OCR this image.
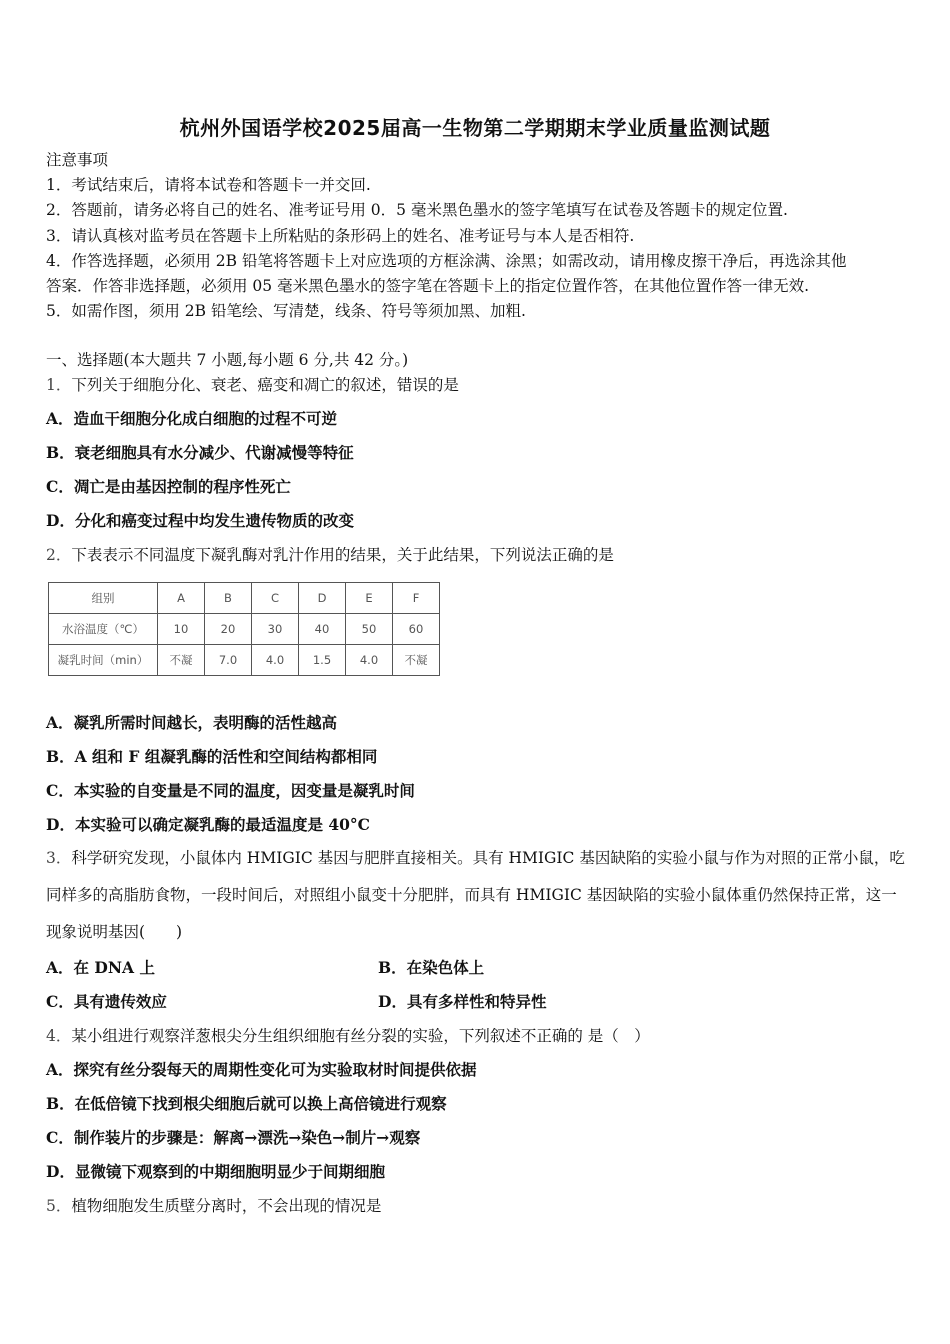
杭州外国语学校2025届高一生物第二学期期末学业质量监测试题
注意事项
1．考试结束后，请将本试卷和答题卡一并交回.
2．答题前，请务必将自己的姓名、准考证号用 0．5 毫米黑色墨水的签字笔填写在试卷及答题卡的规定位置.
3．请认真核对监考员在答题卡上所粘贴的条形码上的姓名、准考证号与本人是否相符.
4．作答选择题，必须用 2B 铅笔将答题卡上对应选项的方框涂满、涂黑；如需改动，请用橡皮擦干净后，再选涂其他
答案．作答非选择题，必须用 05 毫米黑色墨水的签字笔在答题卡上的指定位置作答，在其他位置作答一律无效.
5．如需作图，须用 2B 铅笔绘、写清楚，线条、符号等须加黑、加粗.
一、选择题(本大题共 7 小题,每小题 6 分,共 42 分。)
1．下列关于细胞分化、衰老、癌变和凋亡的叙述，错误的是
A．造血干细胞分化成白细胞的过程不可逆
B．衰老细胞具有水分减少、代谢减慢等特征
C．凋亡是由基因控制的程序性死亡
D．分化和癌变过程中均发生遗传物质的改变
2．下表表示不同温度下凝乳酶对乳汁作用的结果，关于此结果，下列说法正确的是
组别	A	B	C	D	E	F
水浴温度（℃）	10	20	30	40	50	60
凝乳时间（min）	不凝	7.0	4.0	1.5	4.0	不凝
A．凝乳所需时间越长，表明酶的活性越高
B．A 组和 F 组凝乳酶的活性和空间结构都相同
C．本实验的自变量是不同的温度，因变量是凝乳时间
D．本实验可以确定凝乳酶的最适温度是 40°C
3．科学研究发现，小鼠体内 HMIGIC 基因与肥胖直接相关。具有 HMIGIC 基因缺陷的实验小鼠与作为对照的正常小鼠，吃同样多的高脂肪食物，一段时间后，对照组小鼠变十分肥胖，而具有 HMIGIC 基因缺陷的实验小鼠体重仍然保持正常，这一现象说明基因(　　)
A．在 DNA 上	B．在染色体上
C．具有遗传效应	D．具有多样性和特异性
4．某小组进行观察洋葱根尖分生组织细胞有丝分裂的实验，下列叙述不正确的 是（　）
A．探究有丝分裂每天的周期性变化可为实验取材时间提供依据
B．在低倍镜下找到根尖细胞后就可以换上高倍镜进行观察
C．制作装片的步骤是：解离→漂洗→染色→制片→观察
D．显微镜下观察到的中期细胞明显少于间期细胞
5．植物细胞发生质壁分离时，不会出现的情况是
